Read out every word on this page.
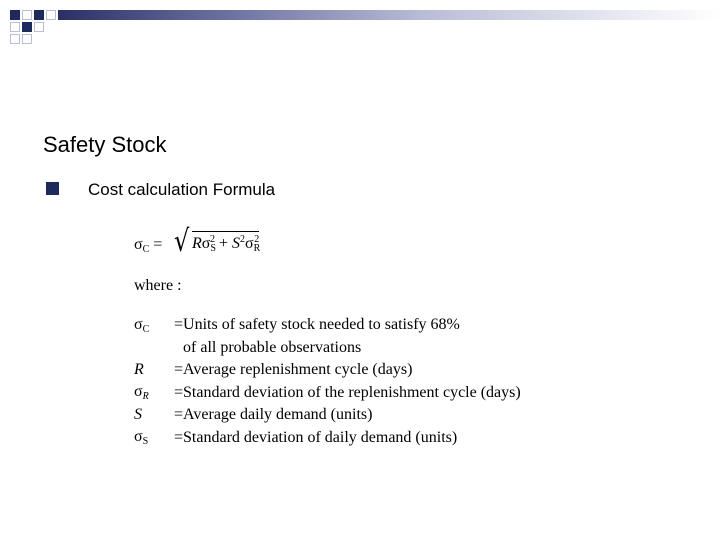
Safety Stock
Cost calculation Formula
$\sigma_C$ = √ $R\sigma_S^2 + S^2\sigma_R^2$
where :
$\sigma_C$	=	Units of safety stock needed to satisfy 68%
		of all probable observations
R	=	Average replenishment cycle (days)
$\sigma_R$	=	Standard deviation of the replenishment cycle (days)
S	=	Average daily demand (units)
$\sigma_S$	=	Standard deviation of daily demand (units)
